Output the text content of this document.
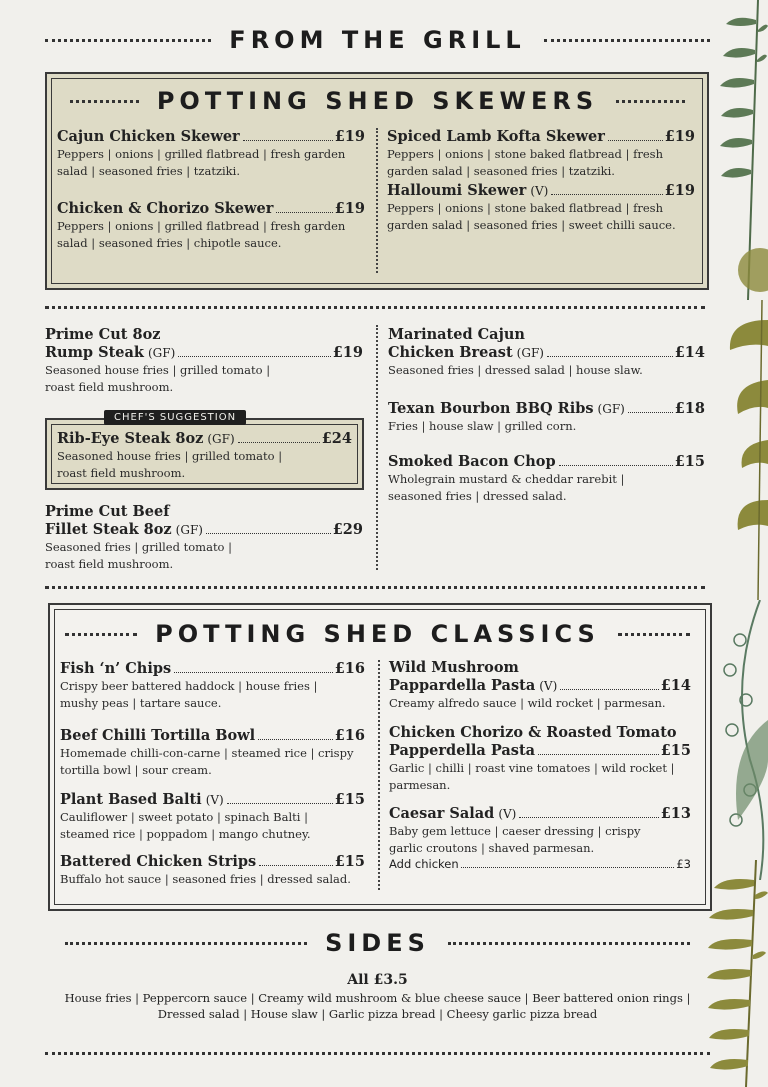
FROM THE GRILL
POTTING SHED SKEWERS
Cajun Chicken Skewer	£19
Peppers | onions | grilled flatbread | fresh garden salad | seasoned fries | tzatziki.
Chicken & Chorizo Skewer	£19
Peppers | onions | grilled flatbread | fresh garden salad | seasoned fries | chipotle sauce.
Spiced Lamb Kofta Skewer	£19
Peppers | onions | stone baked flatbread | fresh garden salad | seasoned fries | tzatziki.
Halloumi Skewer (V)	£19
Peppers | onions | stone baked flatbread | fresh garden salad | seasoned fries | sweet chilli sauce.
Prime Cut 8oz
Rump Steak (GF)	£19
Seasoned house fries | grilled tomato | roast field mushroom.
CHEF'S SUGGESTION
Rib-Eye Steak 8oz (GF)	£24
Seasoned house fries | grilled tomato | roast field mushroom.
Prime Cut Beef
Fillet Steak 8oz (GF)	£29
Seasoned fries | grilled tomato | roast field mushroom.
Marinated Cajun
Chicken Breast (GF)	£14
Seasoned fries | dressed salad | house slaw.
Texan Bourbon BBQ Ribs (GF)	£18
Fries | house slaw | grilled corn.
Smoked Bacon Chop	£15
Wholegrain mustard & cheddar rarebit | seasoned fries | dressed salad.
POTTING SHED CLASSICS
Fish ‘n’ Chips	£16
Crispy beer battered haddock | house fries | mushy peas | tartare sauce.
Beef Chilli Tortilla Bowl	£16
Homemade chilli-con-carne | steamed rice | crispy tortilla bowl | sour cream.
Plant Based Balti (V)	£15
Cauliflower | sweet potato | spinach Balti | steamed rice | poppadom | mango chutney.
Battered Chicken Strips	£15
Buffalo hot sauce | seasoned fries | dressed salad.
Wild Mushroom
Pappardella Pasta (V)	£14
Creamy alfredo sauce | wild rocket | parmesan.
Chicken Chorizo & Roasted Tomato
Papperdella Pasta	£15
Garlic | chilli | roast vine tomatoes | wild rocket | parmesan.
Caesar Salad (V)	£13
Baby gem lettuce | caeser dressing | crispy garlic croutons | shaved parmesan.
Add chicken	£3
SIDES
All £3.5
House fries | Peppercorn sauce | Creamy wild mushroom & blue cheese sauce | Beer battered onion rings |
Dressed salad | House slaw | Garlic pizza bread | Cheesy garlic pizza bread
